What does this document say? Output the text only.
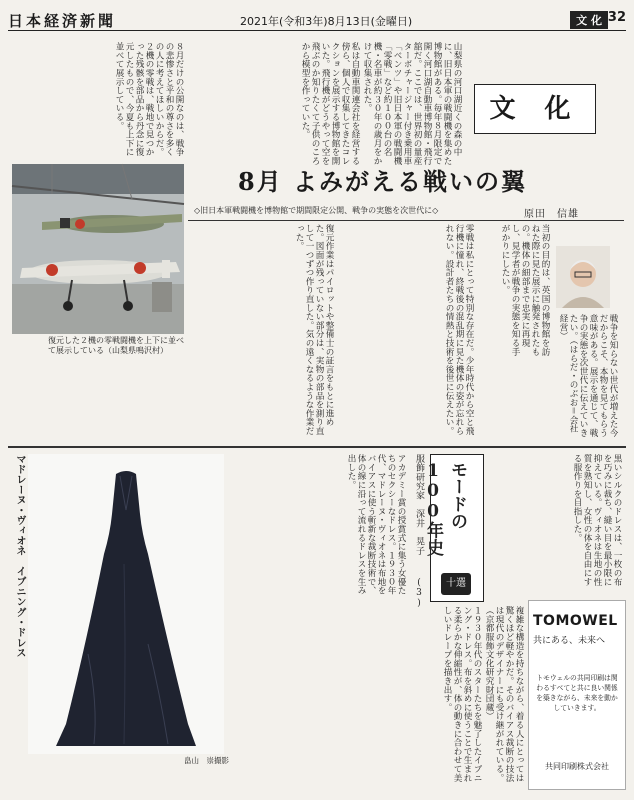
日本経済新聞	2021年(令和3年)8月13日(金曜日)	文 化 32
山梨県の河口湖近くの森の中に、旧日本軍の戦闘機を集めた博物館がある。毎年８月限定で開く河口湖自動車博物館・飛行舘だ。ここでは、世界初の量産ターボチャージャー付き乗用車「ベンツ」や旧日本軍の戦闘機「零戦」など約１００台の名機・名車が約３０年の歳月をかけて収集された。
私は自動車関連会社を経営する傍ら、個人で収集してきたコレクションを展示する博物館を開いた。飛行機がどうやって空を飛ぶのか知りたくて子供のころから模型を作っていた。
８月だけの公開なのは、戦争の悲惨さと平和の尊さを多くの人に考えてほしいからだ。２機の零戦は、戦地で見つかった残骸を部品から丹念に復元したもので、今夏も上下に並べて展示している。	文 化
復元した２機の零戦闘機を上下に並べて展示している（山梨県鳴沢村）
8月 よみがえる戦いの翼
◇旧日本軍戦闘機を博物館で期間限定公開、戦争の実態を次世代に◇	原田　信雄
当初の目的は、英国の博物館を訪ねた際に見た展示に触発されたもの。機体の細部まで忠実に再現し、見学者が戦争の実態を知る手がかりにしたい。
零戦は私にとって特別な存在だ。少年時代から空と飛行機に憧れ、終戦後の混乱期に見た機体の姿が忘れられない。設計者たちの情熱と技術を後世に伝えたい。
復元作業はパイロットや整備士の証言をもとに進めた。図面が残っていない部分は、実物の部品を測り直して一つずつ作り直した。気の遠くなるような作業だった。
戦争を知らない世代が増えた今だからこそ、本物を見てもらう意味がある。展示を通じて、戦争の実態を次世代に伝えていきたい。（はらだ・のぶお＝会社経営）
マドレーヌ・ヴィオネ　イブニング・ドレス
畠山　崇撮影
モードの100年史
十選
服飾研究家　深井　晃子
(3)
アカデミー賞の授賞式に集う女優たちのセクシーなドレス。１９３０年代、マドレーヌ・ヴィオネは布地をバイアスに使う斬新な裁断技術で、体の線に沿って流れるドレスを生み出した。
１９３０年代のスターたちを魅了したイブニング・ドレス。布を斜めに使うことで生まれる柔らかな伸縮性が、体の動きに合わせて美しいドレープを描き出す。
黒いシルクのドレスは、一枚の布を巧みに裁ち、縫い目を最小限に抑えている。ヴィオネは生地の性質を熟知し、女性の体を自由にする服作りを目指した。
複雑な構造を持ちながら、着る人にとっては驚くほど軽やかだ。そのバイアス裁断の技法は現代のデザイナーにも受け継がれている。（京都服飾文化研究財団蔵）	TOMOWEL
共にある、未来へ
トモウェルの共同印刷は関わるすべてと共に良い関係を築きながら、未来を動かしていきます。
共同印刷株式会社
